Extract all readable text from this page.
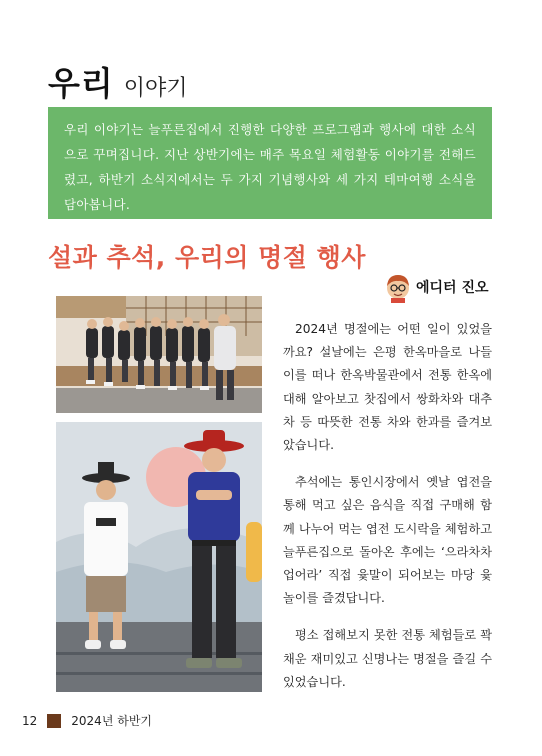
우리 이야기

우리 이야기는 늘푸른집에서 진행한 다양한 프로그램과 행사에 대한 소식으로 꾸며집니다. 지난 상반기에는 매주 목요일 체험활동 이야기를 전해드렸고, 하반기 소식지에서는 두 가지 기념행사와 세 가지 테마여행 소식을 담아봅니다.

설과 추석, 우리의 명절 행사
에디터 진오

2024년 명절에는 어떤 일이 있었을까요? 설날에는 은평 한옥마을로 나들이를 떠나 한옥박물관에서 전통 한옥에 대해 알아보고 찻집에서 쌍화차와 대추차 등 따뜻한 전통 차와 한과를 즐겨보았습니다.

추석에는 통인시장에서 옛날 엽전을 통해 먹고 싶은 음식을 직접 구매해 함께 나누어 먹는 엽전 도시락을 체험하고 늘푸른집으로 돌아온 후에는 ‘으라차차 업어라’ 직접 윷말이 되어보는 마당 윷놀이를 즐겼답니다.

평소 접해보지 못한 전통 체험들로 꽉 채운 재미있고 신명나는 명절을 즐길 수 있었습니다.

12	2024년 하반기
